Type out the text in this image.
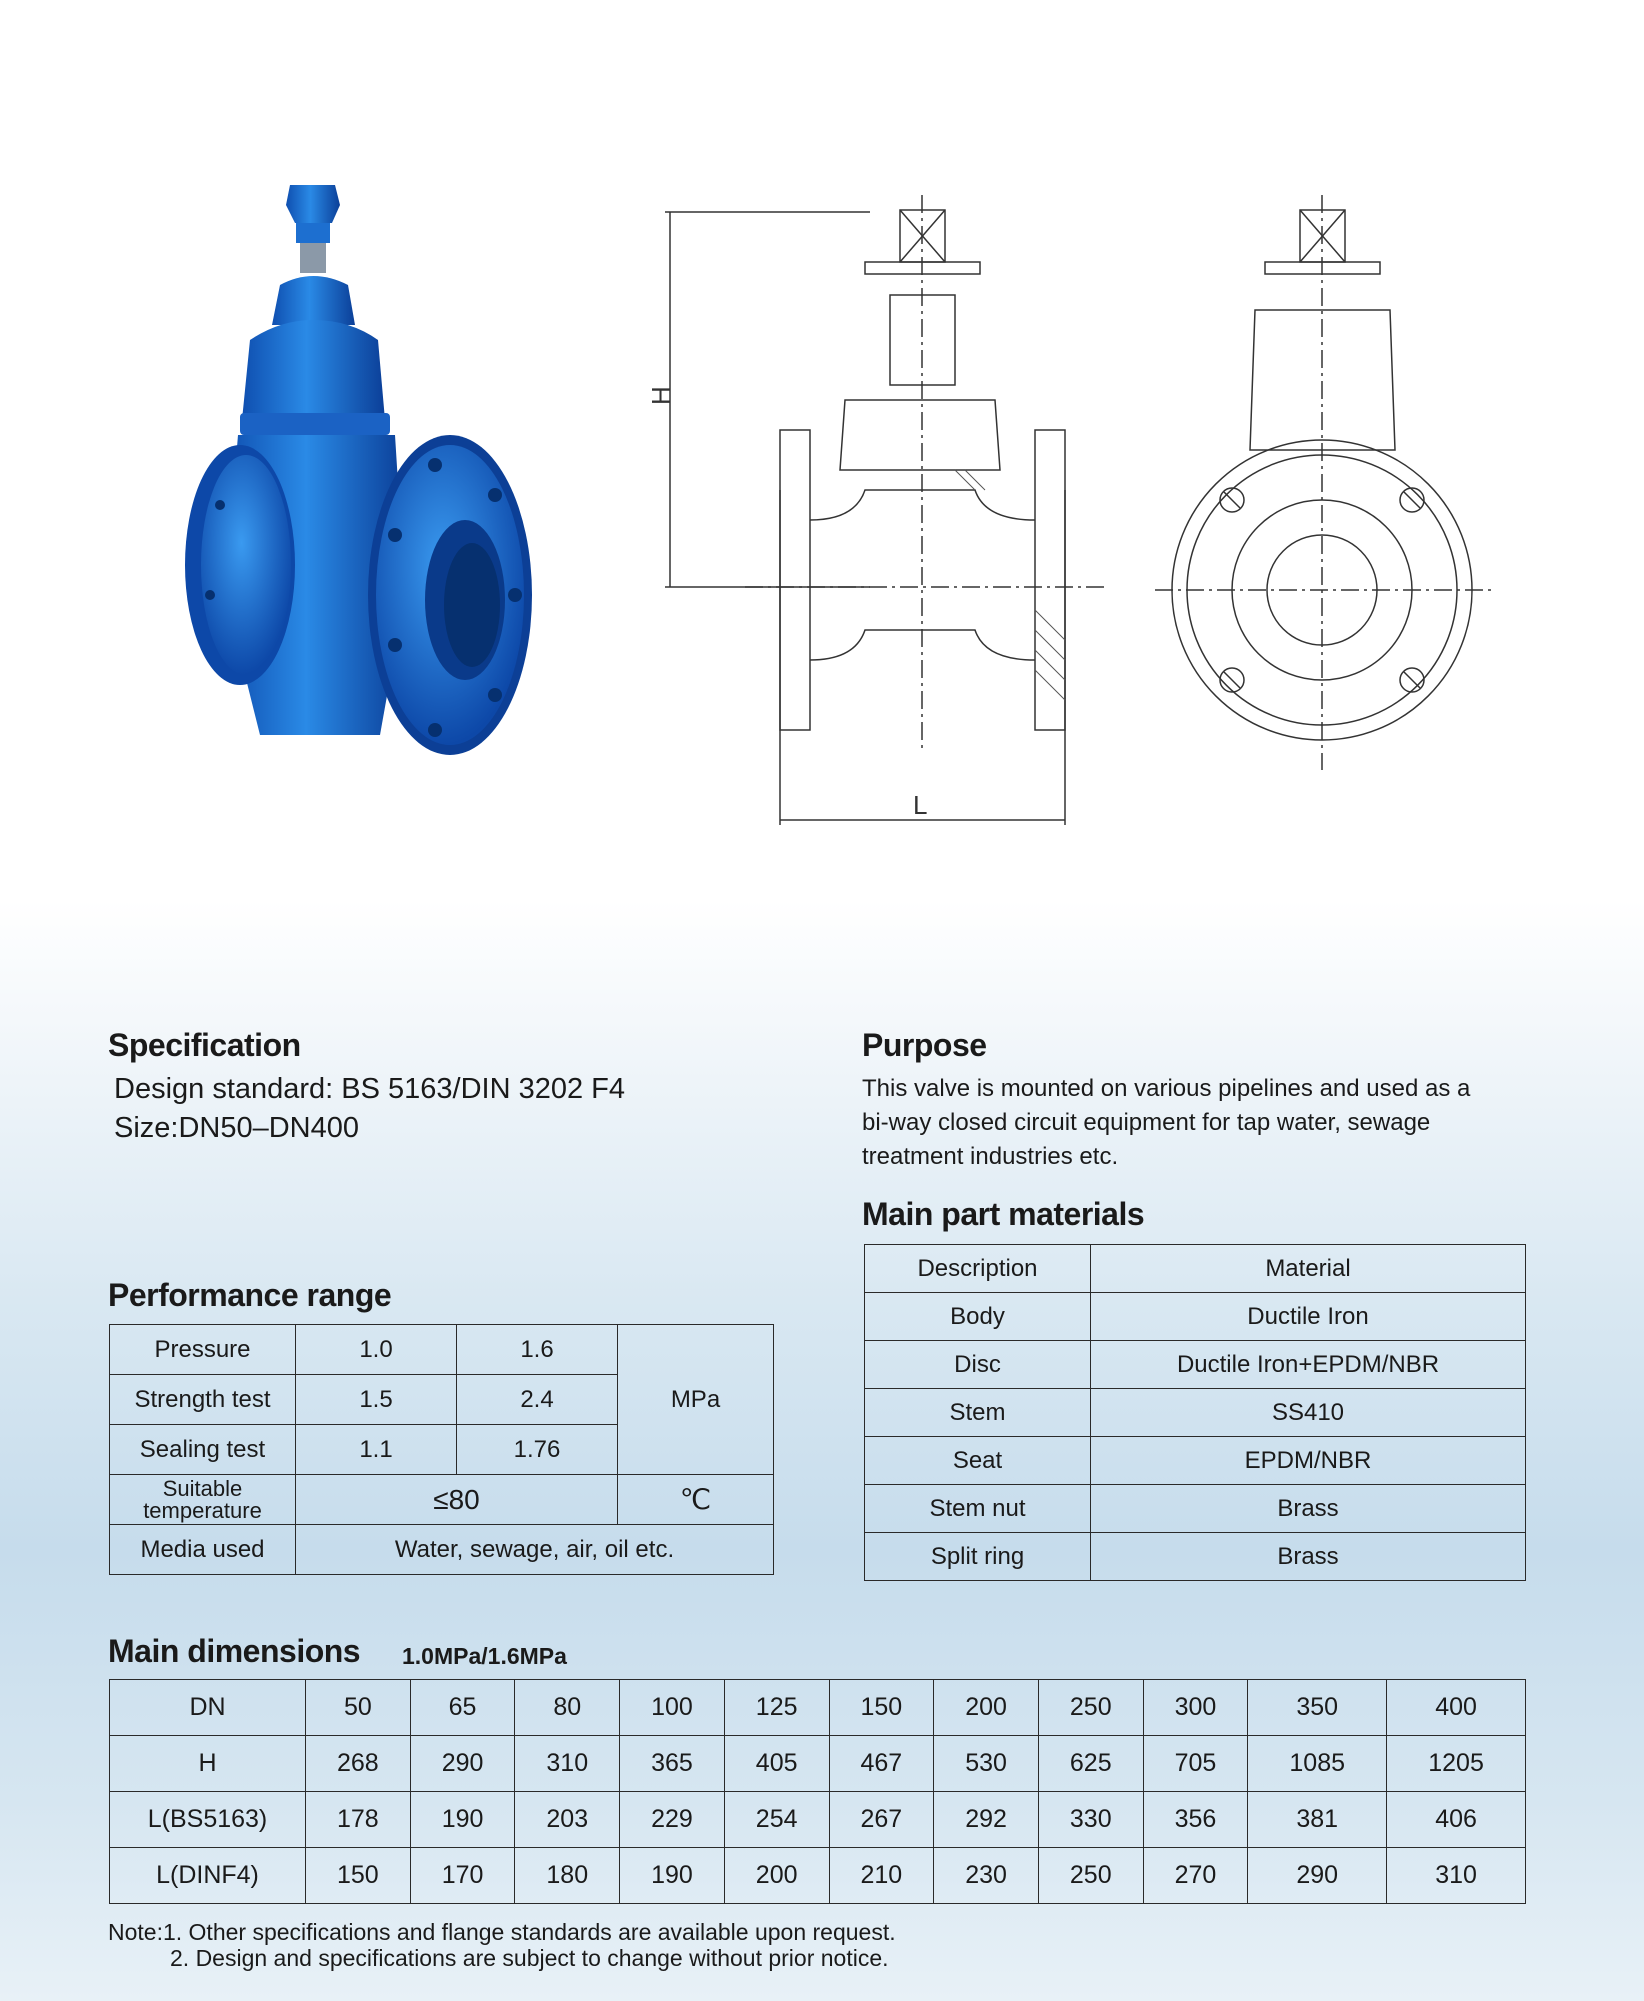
H
L
Specification
Design standard: BS 5163/DIN 3202 F4
Size:DN50–DN400
Purpose
This valve is mounted on various pipelines and used as a
bi-way closed circuit equipment for tap water, sewage
treatment industries etc.
Main part materials
Description	Material
Body	Ductile Iron
Disc	Ductile Iron+EPDM/NBR
Stem	SS410
Seat	EPDM/NBR
Stem nut	Brass
Split ring	Brass
Performance range
Pressure	1.0	1.6	MPa
Strength test	1.5	2.4	
Sealing test	1.1	1.76	

Suitable
temperature	≤80		℃
Media used	Water, sewage, air, oil etc.		
Main dimensions 1.0MPa/1.6MPa
DN	50	65	80	100	125	150	200	250	300	350	400
H	268	290	310	365	405	467	530	625	705	1085	1205
L(BS5163)	178	190	203	229	254	267	292	330	356	381	406
L(DINF4)	150	170	180	190	200	210	230	250	270	290	310
Note:1. Other specifications and flange standards are available upon request.
2. Design and specifications are subject to change without prior notice.
